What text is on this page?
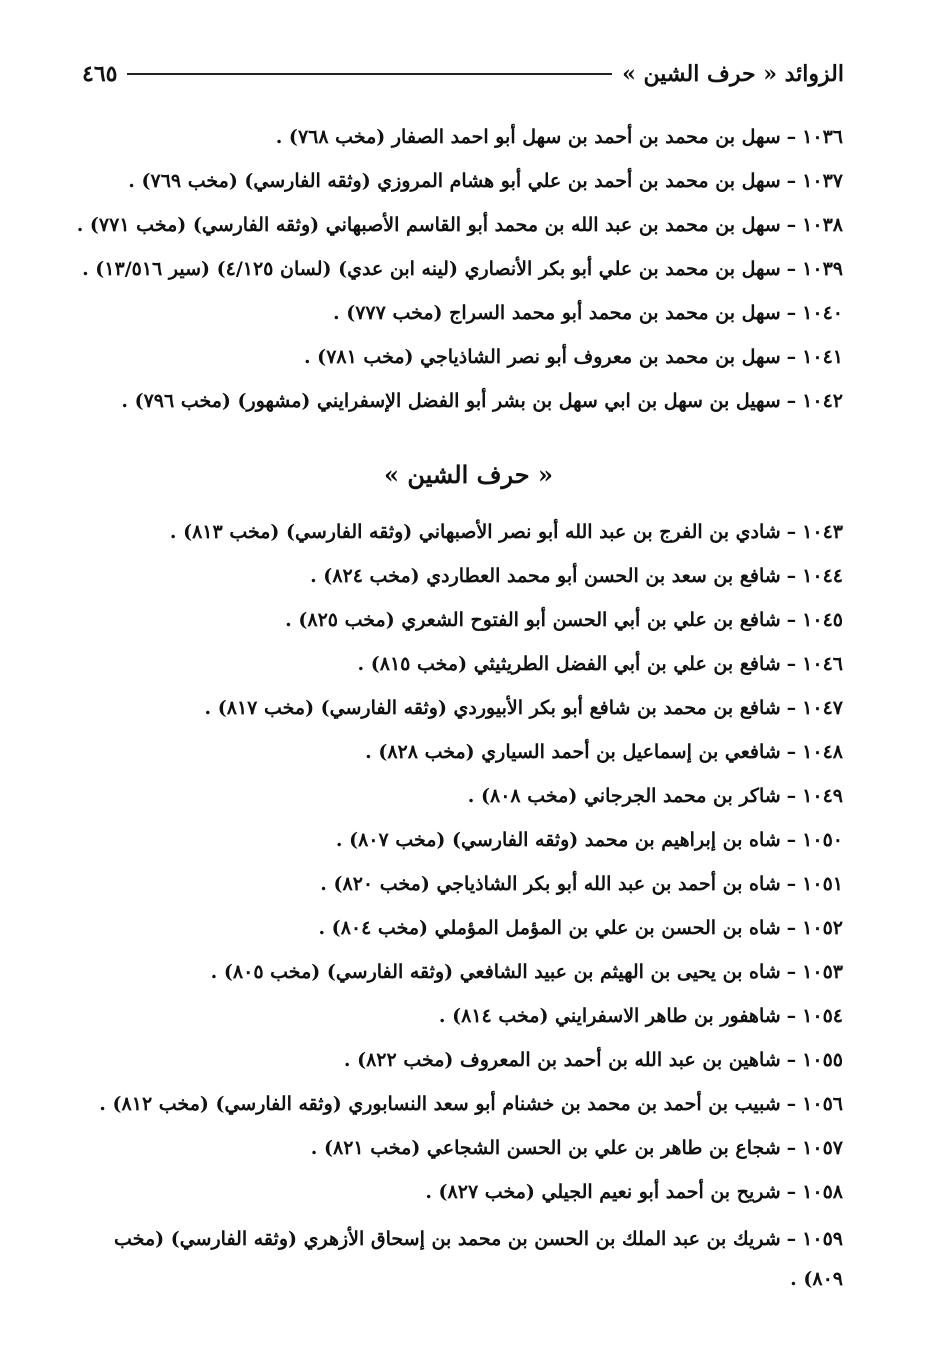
٤٦٥	الزوائد « حرف الشين »
١٠٣٦–سهل بن محمد بن أحمد بن سهل أبو احمد الصفار (مخب ٧٦٨) .
١٠٣٧–سهل بن محمد بن أحمد بن علي أبو هشام المروزي (وثقه الفارسي) (مخب ٧٦٩) .
١٠٣٨–سهل بن محمد بن عبد الله بن محمد أبو القاسم الأصبهاني (وثقه الفارسي) (مخب ٧٧١) .
١٠٣٩–سهل بن محمد بن علي أبو بكر الأنصاري (لينه ابن عدي) (لسان ٤/١٢٥) (سير ١٣/٥١٦) .
١٠٤٠–سهل بن محمد بن محمد أبو محمد السراج (مخب ٧٧٧) .
١٠٤١–سهل بن محمد بن معروف أبو نصر الشاذياجي (مخب ٧٨١) .
١٠٤٢–سهيل بن سهل بن ابي سهل بن بشر أبو الفضل الإسفرايني (مشهور) (مخب ٧٩٦) .
« حرف الشين »
١٠٤٣–شادي بن الفرج بن عبد الله أبو نصر الأصبهاني (وثقه الفارسي) (مخب ٨١٣) .
١٠٤٤–شافع بن سعد بن الحسن أبو محمد العطاردي (مخب ٨٢٤) .
١٠٤٥–شافع بن علي بن أبي الحسن أبو الفتوح الشعري (مخب ٨٢٥) .
١٠٤٦–شافع بن علي بن أبي الفضل الطريثيثي (مخب ٨١٥) .
١٠٤٧–شافع بن محمد بن شافع أبو بكر الأبيوردي (وثقه الفارسي) (مخب ٨١٧) .
١٠٤٨–شافعي بن إسماعيل بن أحمد السياري (مخب ٨٢٨) .
١٠٤٩–شاكر بن محمد الجرجاني (مخب ٨٠٨) .
١٠٥٠–شاه بن إبراهيم بن محمد (وثقه الفارسي) (مخب ٨٠٧) .
١٠٥١–شاه بن أحمد بن عبد الله أبو بكر الشاذياجي (مخب ٨٢٠) .
١٠٥٢–شاه بن الحسن بن علي بن المؤمل المؤملي (مخب ٨٠٤) .
١٠٥٣–شاه بن يحيى بن الهيثم بن عبيد الشافعي (وثقه الفارسي) (مخب ٨٠٥) .
١٠٥٤–شاهفور بن طاهر الاسفرايني (مخب ٨١٤) .
١٠٥٥–شاهين بن عبد الله بن أحمد بن المعروف (مخب ٨٢٢) .
١٠٥٦–شبيب بن أحمد بن محمد بن خشنام أبو سعد النسابوري (وثقه الفارسي) (مخب ٨١٢) .
١٠٥٧–شجاع بن طاهر بن علي بن الحسن الشجاعي (مخب ٨٢١) .
١٠٥٨–شريح بن أحمد أبو نعيم الجيلي (مخب ٨٢٧) .
١٠٥٩–شريك بن عبد الملك بن الحسن بن محمد بن إسحاق الأزهري (وثقه الفارسي) (مخب ٨٠٩) .
